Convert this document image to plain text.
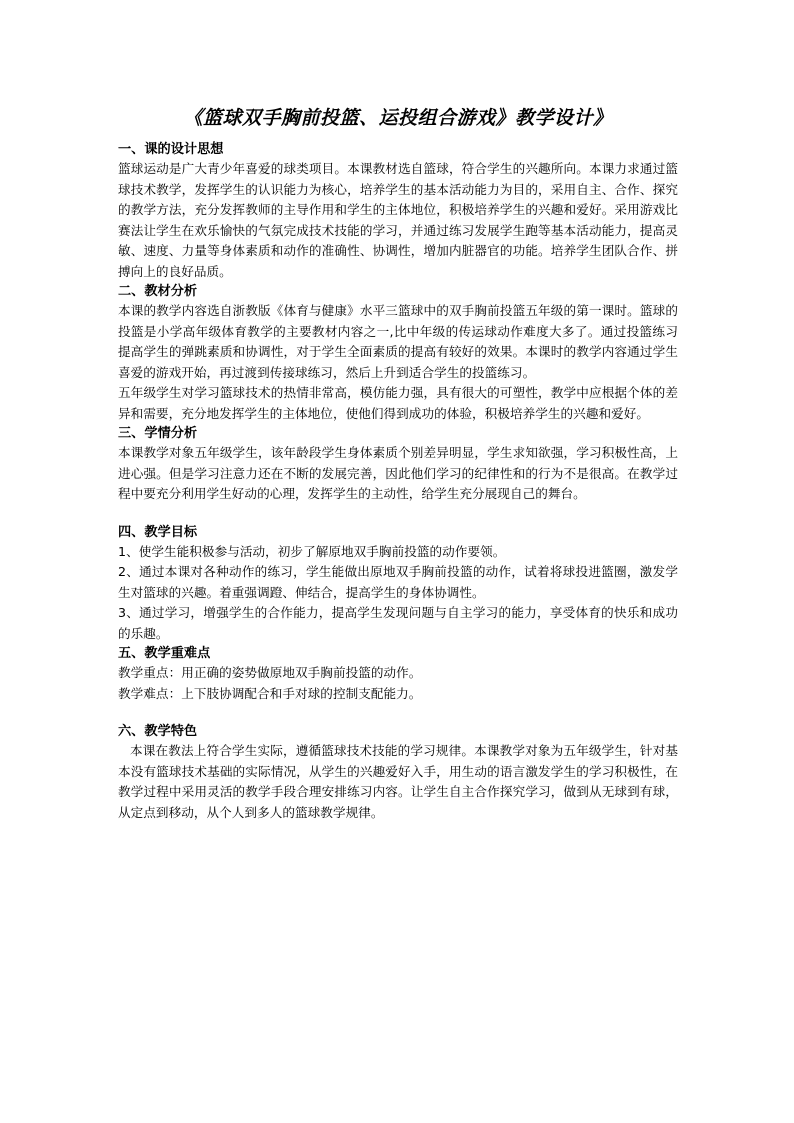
《篮球双手胸前投篮、运投组合游戏》教学设计》
一、课的设计思想

篮球运动是广大青少年喜爱的球类项目。本课教材选自篮球，符合学生的兴趣所向。本课力求通过篮球技术教学，发挥学生的认识能力为核心，培养学生的基本活动能力为目的，采用自主、合作、探究的教学方法，充分发挥教师的主导作用和学生的主体地位，积极培养学生的兴趣和爱好。采用游戏比赛法让学生在欢乐愉快的气氛完成技术技能的学习，并通过练习发展学生跑等基本活动能力，提高灵敏、速度、力量等身体素质和动作的准确性、协调性，增加内脏器官的功能。培养学生团队合作、拼搏向上的良好品质。

二、教材分析

本课的教学内容选自浙教版《体育与健康》水平三篮球中的双手胸前投篮五年级的第一课时。篮球的投篮是小学高年级体育教学的主要教材内容之一,比中年级的传运球动作难度大多了。通过投篮练习提高学生的弹跳素质和协调性，对于学生全面素质的提高有较好的效果。本课时的教学内容通过学生喜爱的游戏开始，再过渡到传接球练习，然后上升到适合学生的投篮练习。

五年级学生对学习篮球技术的热情非常高，模仿能力强，具有很大的可塑性，教学中应根据个体的差异和需要，充分地发挥学生的主体地位，使他们得到成功的体验，积极培养学生的兴趣和爱好。

三、学情分析

本课教学对象五年级学生，该年龄段学生身体素质个别差异明显，学生求知欲强，学习积极性高，上进心强。但是学习注意力还在不断的发展完善，因此他们学习的纪律性和的行为不是很高。在教学过程中要充分利用学生好动的心理，发挥学生的主动性，给学生充分展现自己的舞台。

四、教学目标

1、使学生能积极参与活动，初步了解原地双手胸前投篮的动作要领。

2、通过本课对各种动作的练习，学生能做出原地双手胸前投篮的动作，试着将球投进篮圈，激发学生对篮球的兴趣。着重强调蹬、伸结合，提高学生的身体协调性。

3、通过学习，增强学生的合作能力，提高学生发现问题与自主学习的能力，享受体育的快乐和成功的乐趣。

五、教学重难点

教学重点：用正确的姿势做原地双手胸前投篮的动作。

教学难点：上下肢协调配合和手对球的控制支配能力。

六、教学特色

本课在教法上符合学生实际，遵循篮球技术技能的学习规律。本课教学对象为五年级学生，针对基本没有篮球技术基础的实际情况，从学生的兴趣爱好入手，用生动的语言激发学生的学习积极性，在教学过程中采用灵活的教学手段合理安排练习内容。让学生自主合作探究学习，做到从无球到有球，从定点到移动，从个人到多人的篮球教学规律。
